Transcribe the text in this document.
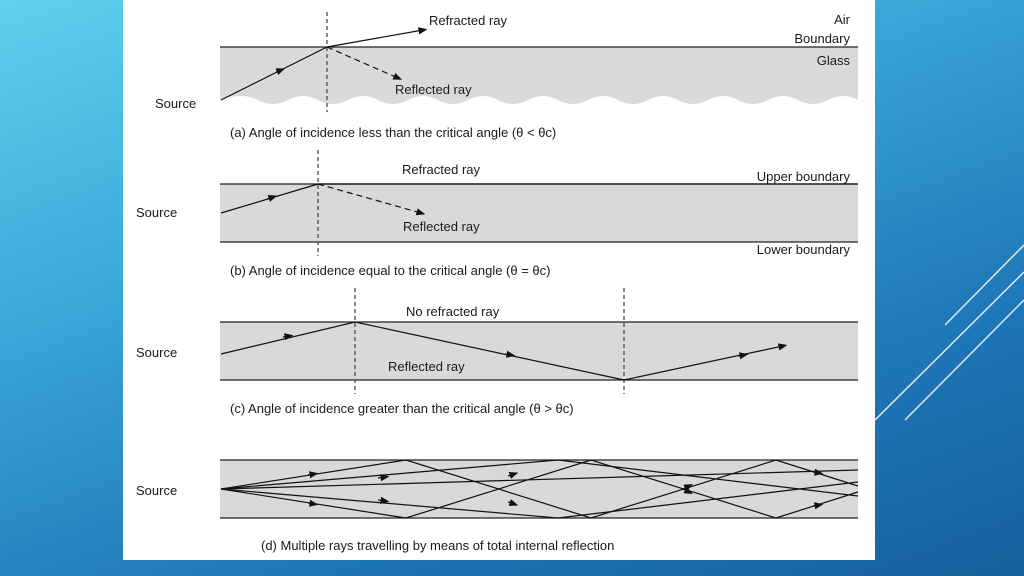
Refracted ray	Air
Boundary
Glass
Reflected ray
Source
(a) Angle of incidence less than the critical angle (θ < θc)
Refracted ray	Upper boundary
Source
Reflected ray
Lower boundary
(b) Angle of incidence equal to the critical angle (θ = θc)
No refracted ray
Source
Reflected ray
(c) Angle of incidence greater than the critical angle (θ > θc)
Source
(d) Multiple rays travelling by means of total internal reflection
